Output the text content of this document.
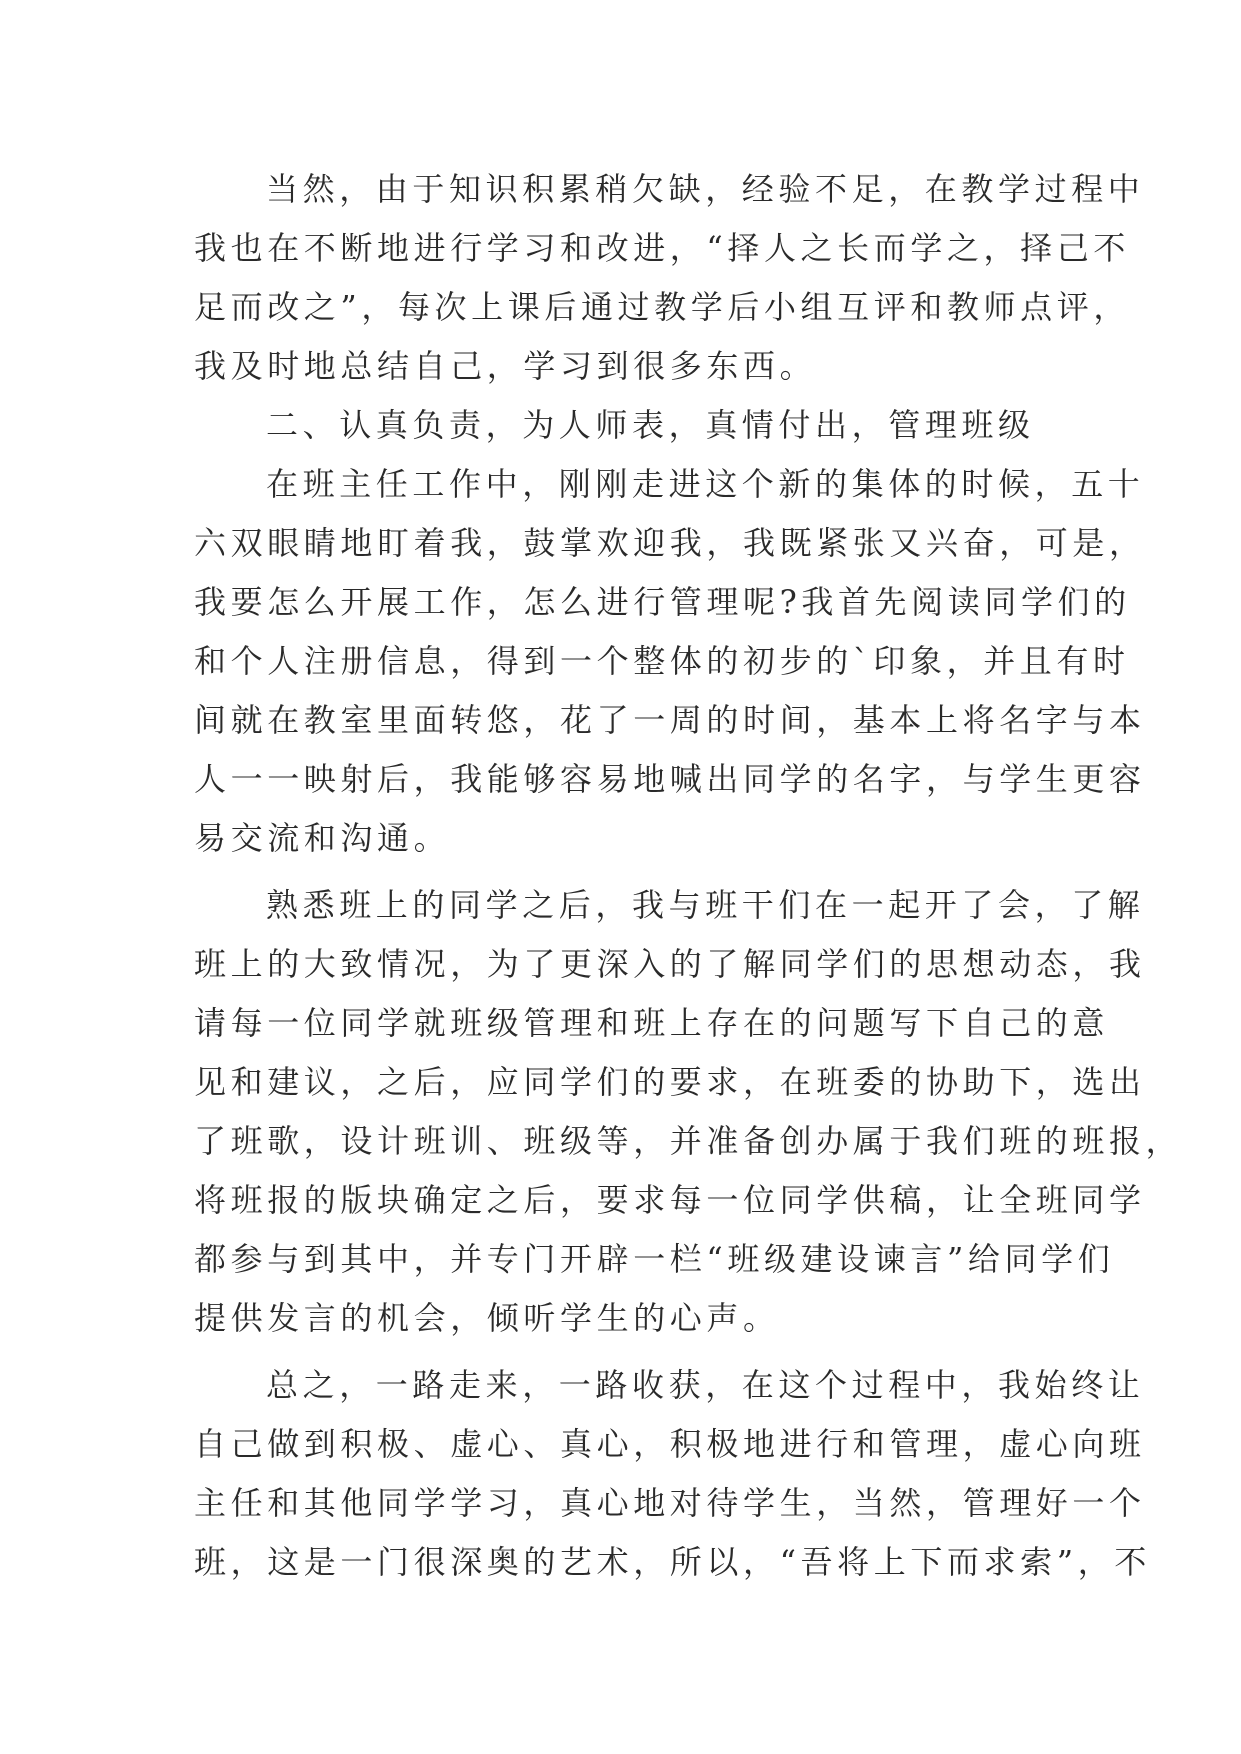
当然，由于知识积累稍欠缺，经验不足，在教学过程中

我也在不断地进行学习和改进，“择人之长而学之，择己不

足而改之”，每次上课后通过教学后小组互评和教师点评，

我及时地总结自己，学习到很多东西。

二、认真负责，为人师表，真情付出，管理班级

在班主任工作中，刚刚走进这个新的集体的时候，五十

六双眼睛地盯着我，鼓掌欢迎我，我既紧张又兴奋，可是，

我要怎么开展工作，怎么进行管理呢?我首先阅读同学们的

和个人注册信息，得到一个整体的初步的`印象，并且有时

间就在教室里面转悠，花了一周的时间，基本上将名字与本

人一一映射后，我能够容易地喊出同学的名字，与学生更容

易交流和沟通。

熟悉班上的同学之后，我与班干们在一起开了会，了解

班上的大致情况，为了更深入的了解同学们的思想动态，我

请每一位同学就班级管理和班上存在的问题写下自己的意

见和建议，之后，应同学们的要求，在班委的协助下，选出

了班歌，设计班训、班级等，并准备创办属于我们班的班报，

将班报的版块确定之后，要求每一位同学供稿，让全班同学

都参与到其中，并专门开辟一栏“班级建设谏言”给同学们

提供发言的机会，倾听学生的心声。

总之，一路走来，一路收获，在这个过程中，我始终让

自己做到积极、虚心、真心，积极地进行和管理，虚心向班

主任和其他同学学习，真心地对待学生，当然，管理好一个

班，这是一门很深奥的艺术，所以，“吾将上下而求索”，不
